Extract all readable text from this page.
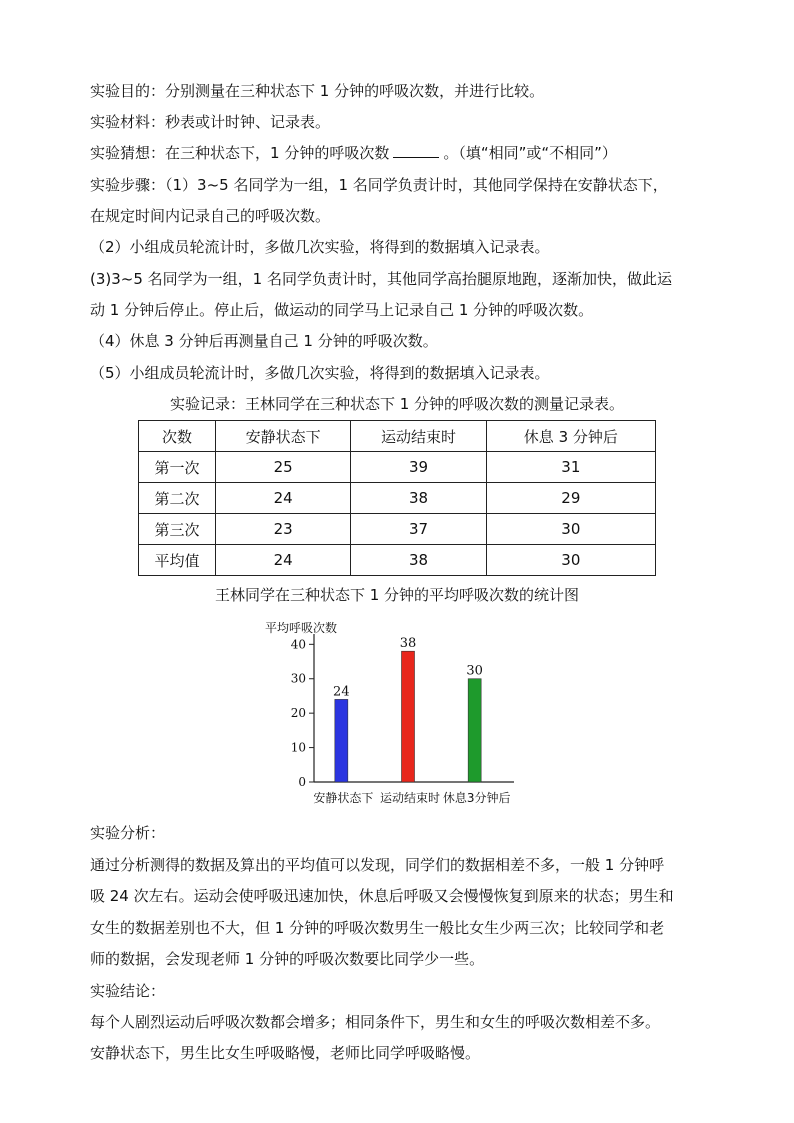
实验目的：分别测量在三种状态下 1 分钟的呼吸次数，并进行比较。
实验材料：秒表或计时钟、记录表。
实验猜想：在三种状态下，1 分钟的呼吸次数	。（填“相同”或“不相同”）
实验步骤：（1）3~5 名同学为一组，1 名同学负责计时，其他同学保持在安静状态下，
在规定时间内记录自己的呼吸次数。
（2）小组成员轮流计时，多做几次实验，将得到的数据填入记录表。
(3)3~5 名同学为一组，1 名同学负责计时，其他同学高抬腿原地跑，逐渐加快，做此运
动 1 分钟后停止。停止后，做运动的同学马上记录自己 1 分钟的呼吸次数。
（4）休息 3 分钟后再测量自己 1 分钟的呼吸次数。
（5）小组成员轮流计时，多做几次实验，将得到的数据填入记录表。
实验记录：王林同学在三种状态下 1 分钟的呼吸次数的测量记录表。
次数	安静状态下	运动结束时	休息 3 分钟后
第一次	25	39	31
第二次	24	38	29
第三次	23	37	30
平均值	24	38	30
王林同学在三种状态下 1 分钟的平均呼吸次数的统计图
平均呼吸次数
0
10
20
30
40
24
安静状态下
38
运动结束时
30
休息3分钟后
实验分析：
通过分析测得的数据及算出的平均值可以发现，同学们的数据相差不多，一般 1 分钟呼
吸 24 次左右。运动会使呼吸迅速加快，休息后呼吸又会慢慢恢复到原来的状态；男生和
女生的数据差别也不大，但 1 分钟的呼吸次数男生一般比女生少两三次；比较同学和老
师的数据，会发现老师 1 分钟的呼吸次数要比同学少一些。
实验结论：
每个人剧烈运动后呼吸次数都会增多；相同条件下，男生和女生的呼吸次数相差不多。
安静状态下，男生比女生呼吸略慢，老师比同学呼吸略慢。
